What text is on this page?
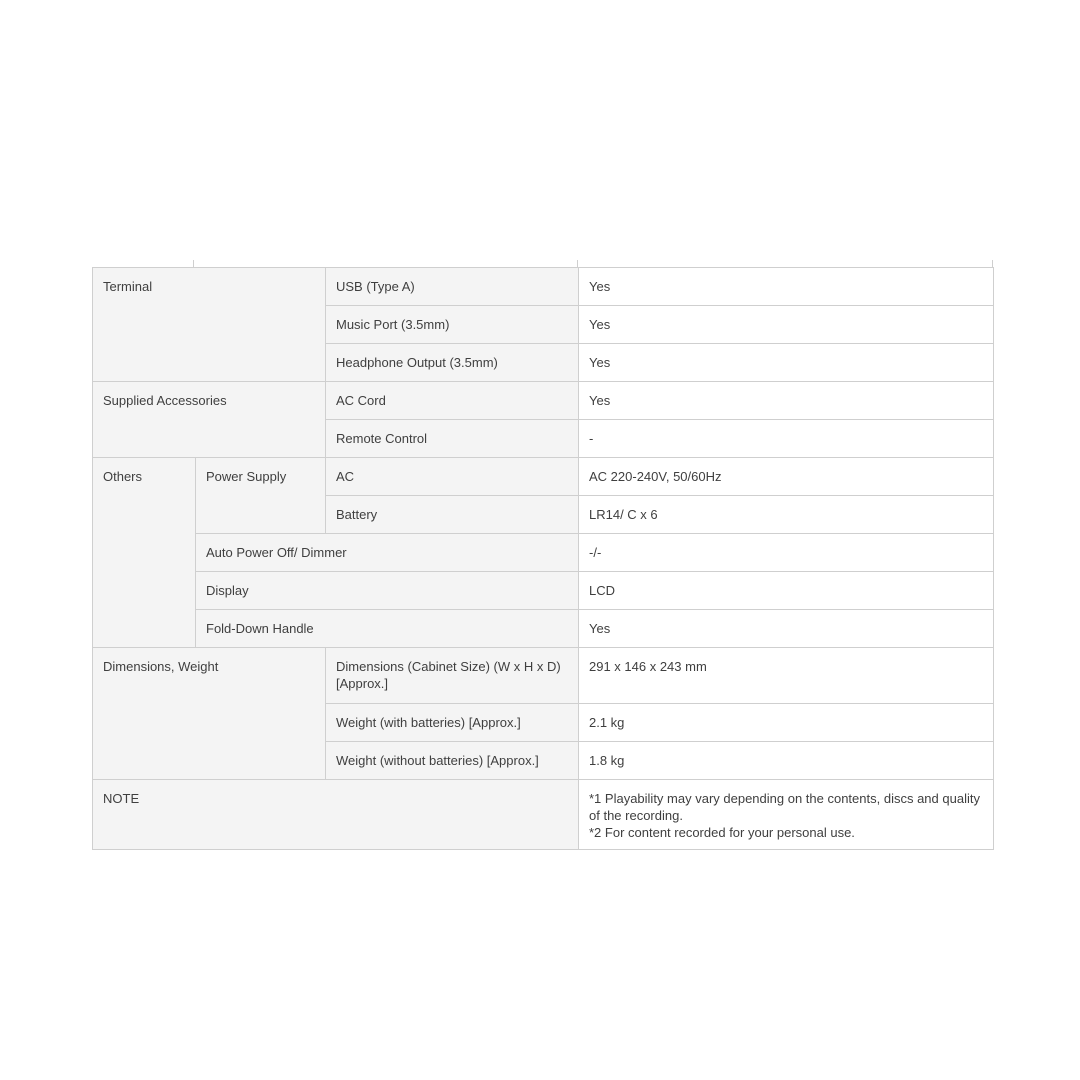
Terminal		USB (Type A)	Yes
		Music Port (3.5mm)	Yes
		Headphone Output (3.5mm)	Yes
Supplied Accessories		AC Cord	Yes
		Remote Control	-
Others	Power Supply	AC	AC 220-240V, 50/60Hz
		Battery	LR14/ C x 6
	Auto Power Off/ Dimmer		-/-
	Display		LCD
	Fold-Down Handle		Yes
Dimensions, Weight		Dimensions (Cabinet Size) (W x H x D) [Approx.]	291 x 146 x 243 mm
		Weight (with batteries) [Approx.]	2.1 kg
		Weight (without batteries) [Approx.]	1.8 kg
NOTE			*1 Playability may vary depending on the contents, discs and quality of the recording.
*2 For content recorded for your personal use.
